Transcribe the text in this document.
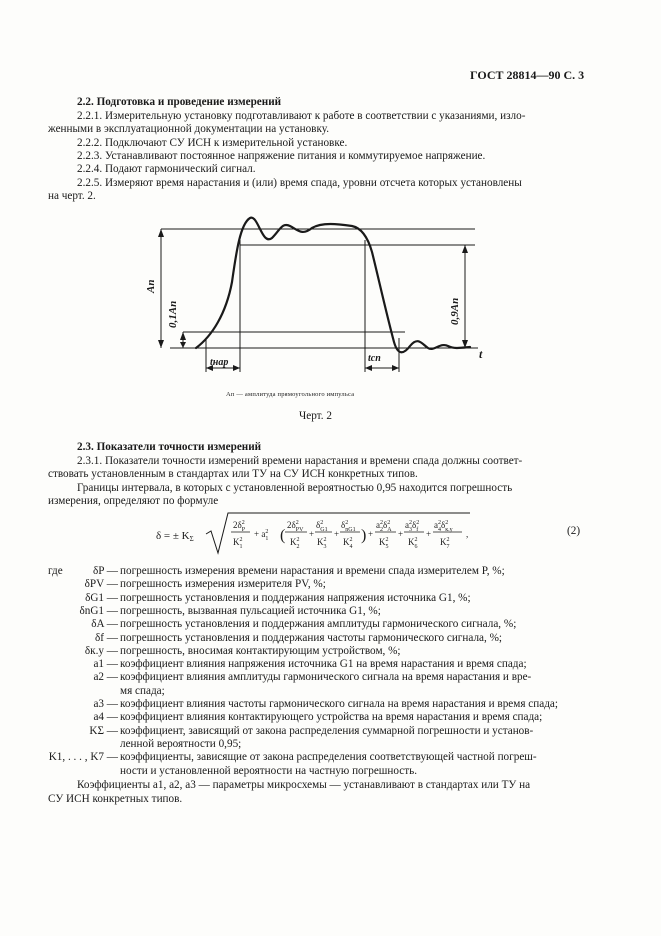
ГОСТ 28814—90 С. 3
2.2. Подготовка и проведение измерений
2.2.1. Измерительную установку подготавливают к работе в соответствии с указаниями, изло-
женными в эксплуатационной документации на установку.
2.2.2. Подключают СУ ИСН к измерительной установке.
2.2.3. Устанавливают постоянное напряжение питания и коммутируемое напряжение.
2.2.4. Подают гармонический сигнал.
2.2.5. Измеряют время нарастания и (или) время спада, уровни отсчета которых установлены
на черт. 2.
Aп
0,1Aп	0,9Aп
t
tнар	tсп
Aп — амплитуда прямоугольного импульса
Черт. 2
2.3. Показатели точности измерений
2.3.1. Показатели точности измерений времени нарастания и времени спада должны соответ-
ствовать установленным в стандартах или ТУ на СУ ИСН конкретных типов.
Границы интервала, в которых с установленной вероятностью 0,95 находится погрешность
измерения, определяют по формуле
δ = ± KΣ
$2\delta^2$ P
$K^2$ 1
+ $a^2$ 1 (
$2\delta^2$ PV
$K^2$ 2
+
$\delta^2$ G1
$K^2$ 3
+
$\delta^2$ nG1
$K^2$ 4
) +
$a^2$ $2\delta^2$ A
$K^2$ 5
+
$a^2$ $3\delta^2$ f
$K^2$ 6
+
$a^2$ $4\delta^2$ к.у
$K^2$ 7
,	(2)
где	δP — погрешность измерения времени нарастания и времени спада измерителем P, %;
δPV — погрешность измерения измерителя PV, %;
δG1 — погрешность установления и поддержания напряжения источника G1, %;
δnG1 — погрешность, вызванная пульсацией источника G1, %;
δA — погрешность установления и поддержания амплитуды гармонического сигнала, %;
δf — погрешность установления и поддержания частоты гармонического сигнала, %;
δк.у — погрешность, вносимая контактирующим устройством, %;
a1 — коэффициент влияния напряжения источника G1 на время нарастания и время спада;
a2 — коэффициент влияния амплитуды гармонического сигнала на время нарастания и вре-
мя спада;
a3 — коэффициент влияния частоты гармонического сигнала на время нарастания и время спада;
a4 — коэффициент влияния контактирующего устройства на время нарастания и время спада;
KΣ — коэффициент, зависящий от закона распределения суммарной погрешности и установ-
ленной вероятности 0,95;
K1, . . . , K7 — коэффициенты, зависящие от закона распределения соответствующей частной погреш-
ности и установленной вероятности на частную погрешность.
Коэффициенты a1, a2, a3 — параметры микросхемы — устанавливают в стандартах или ТУ на
СУ ИСН конкретных типов.
